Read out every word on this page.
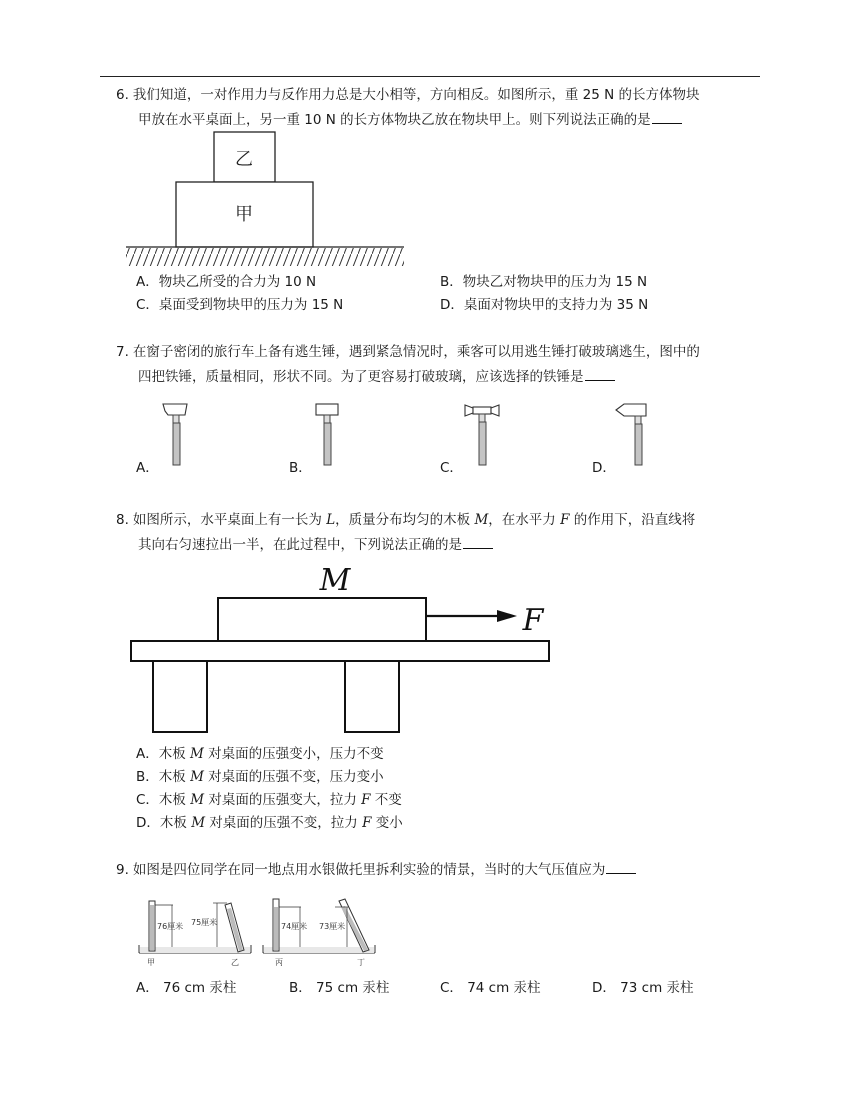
6. 我们知道，一对作用力与反作用力总是大小相等，方向相反。如图所示，重 25 N 的长方体物块
甲放在水平桌面上，另一重 10 N 的长方体物块乙放在物块甲上。则下列说法正确的是
乙
甲
A．物块乙所受的合力为 10 N	B．物块乙对物块甲的压力为 15 N
C．桌面受到物块甲的压力为 15 N	D．桌面对物块甲的支持力为 35 N
7. 在窗子密闭的旅行车上备有逃生锤，遇到紧急情况时，乘客可以用逃生锤打破玻璃逃生，图中的
四把铁锤，质量相同，形状不同。为了更容易打破玻璃，应该选择的铁锤是
A．	B．	C．	D．
8. 如图所示，水平桌面上有一长为 L，质量分布均匀的木板 M，在水平力 F 的作用下，沿直线将
其向右匀速拉出一半，在此过程中，下列说法正确的是
M
F
A．木板 M 对桌面的压强变小，压力不变
B．木板 M 对桌面的压强不变，压力变小
C．木板 M 对桌面的压强变大，拉力 F 不变
D．木板 M 对桌面的压强不变，拉力 F 变小
9. 如图是四位同学在同一地点用水银做托里拆利实验的情景，当时的大气压值应为
76厘米 75厘米
甲	乙
74厘米 73厘米
丙	丁
A． 76 cm 汞柱	B． 75 cm 汞柱	C． 74 cm 汞柱	D． 73 cm 汞柱
